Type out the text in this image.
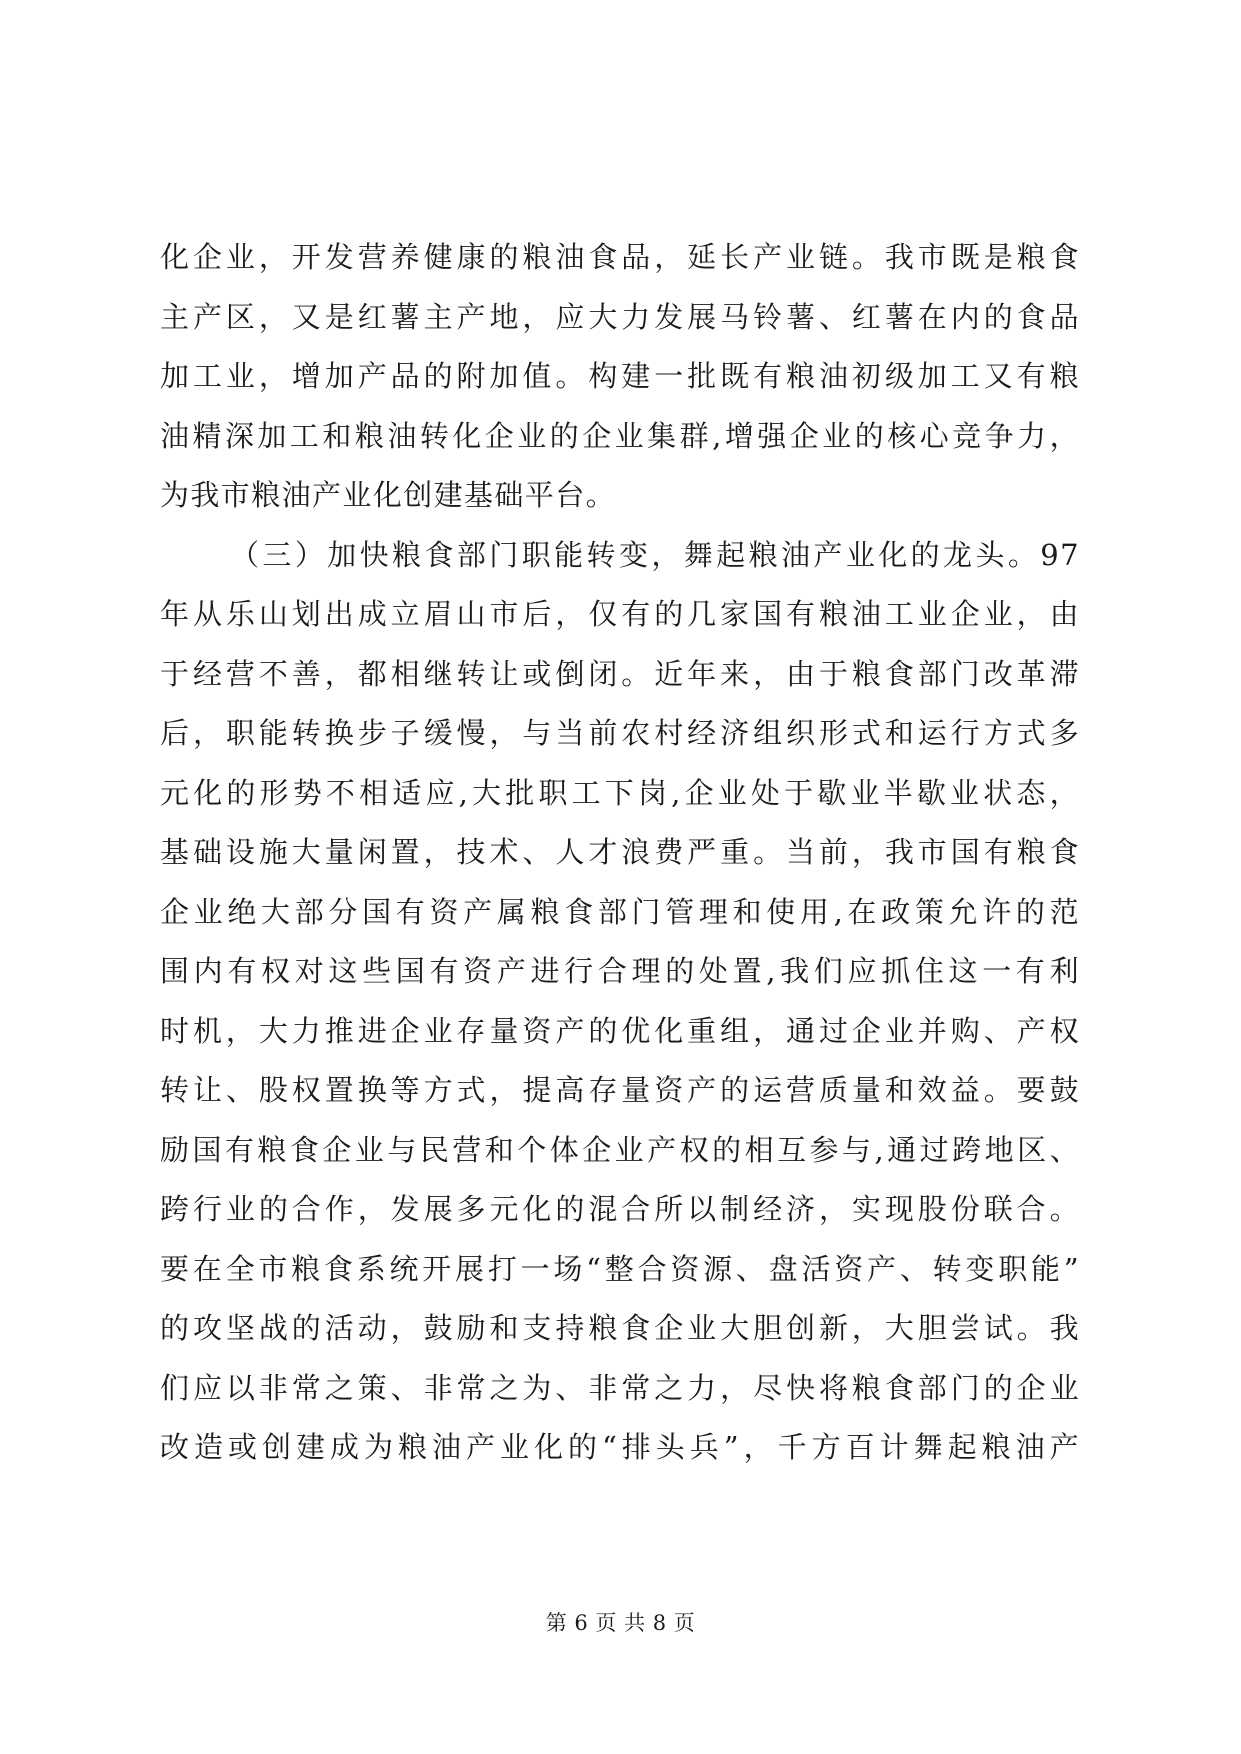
化企业，开发营养健康的粮油食品，延长产业链。我市既是粮食
主产区，又是红薯主产地，应大力发展马铃薯、红薯在内的食品
加工业，增加产品的附加值。构建一批既有粮油初级加工又有粮
油精深加工和粮油转化企业的企业集群,增强企业的核心竞争力，
为我市粮油产业化创建基础平台。
（三）加快粮食部门职能转变，舞起粮油产业化的龙头。97
年从乐山划出成立眉山市后，仅有的几家国有粮油工业企业，由
于经营不善，都相继转让或倒闭。近年来，由于粮食部门改革滞
后，职能转换步子缓慢，与当前农村经济组织形式和运行方式多
元化的形势不相适应,大批职工下岗,企业处于歇业半歇业状态，
基础设施大量闲置，技术、人才浪费严重。当前，我市国有粮食
企业绝大部分国有资产属粮食部门管理和使用,在政策允许的范
围内有权对这些国有资产进行合理的处置,我们应抓住这一有利
时机，大力推进企业存量资产的优化重组，通过企业并购、产权
转让、股权置换等方式，提高存量资产的运营质量和效益。要鼓
励国有粮食企业与民营和个体企业产权的相互参与,通过跨地区、
跨行业的合作，发展多元化的混合所以制经济，实现股份联合。
要在全市粮食系统开展打一场“整合资源、盘活资产、转变职能”
的攻坚战的活动，鼓励和支持粮食企业大胆创新，大胆尝试。我
们应以非常之策、非常之为、非常之力，尽快将粮食部门的企业
改造或创建成为粮油产业化的“排头兵”，千方百计舞起粮油产
第 6 页 共 8 页
